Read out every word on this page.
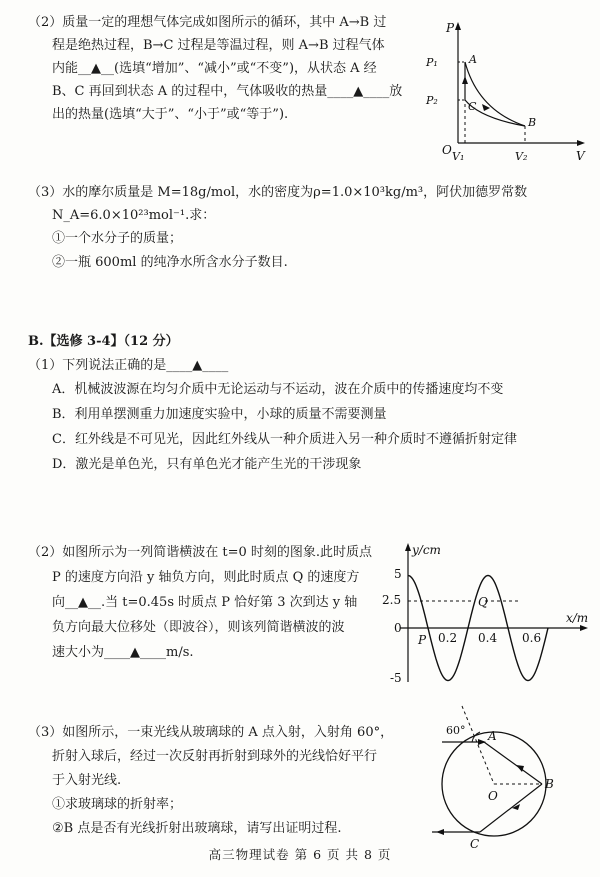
（2）质量一定的理想气体完成如图所示的循环，其中 A→B 过
程是绝热过程，B→C 过程是等温过程，则 A→B 过程气体
内能__▲__(选填“增加”、“减小”或“不变”)，从状态 A 经
B、C 再回到状态 A 的过程中，气体吸收的热量____▲____放
出的热量(选填“大于”、“小于”或“等于”).
P
P₁
P₂
O V₁	V₂	V
A
B
C
（3）水的摩尔质量是 M=18g/mol，水的密度为ρ=1.0×10³kg/m³，阿伏加德罗常数
N_A=6.0×10²³mol⁻¹.求：
①一个水分子的质量；
②一瓶 600ml 的纯净水所含水分子数目.
B.【选修 3-4】（12 分）
（1）下列说法正确的是____▲____
A．机械波波源在均匀介质中无论运动与不运动，波在介质中的传播速度均不变
B．利用单摆测重力加速度实验中，小球的质量不需要测量
C．红外线是不可见光，因此红外线从一种介质进入另一种介质时不遵循折射定律
D．激光是单色光，只有单色光才能产生光的干涉现象
（2）如图所示为一列简谐横波在 t=0 时刻的图象.此时质点
P 的速度方向沿 y 轴负方向，则此时质点 Q 的速度方
向__▲__.当 t=0.45s 时质点 P 恰好第 3 次到达 y 轴
负方向最大位移处（即波谷），则该列简谐横波的波
速大小为____▲____m/s.
y/cm
x/m
5
2.5
0
-5
0.2 0.4 0.6
P
Q
（3）如图所示，一束光线从玻璃球的 A 点入射，入射角 60°，
折射入球后，经过一次反射再折射到球外的光线恰好平行
于入射光线.
①求玻璃球的折射率；
②B 点是否有光线折射出玻璃球，请写出证明过程.
60° A
B
C
O
高三物理试卷 第 6 页 共 8 页
